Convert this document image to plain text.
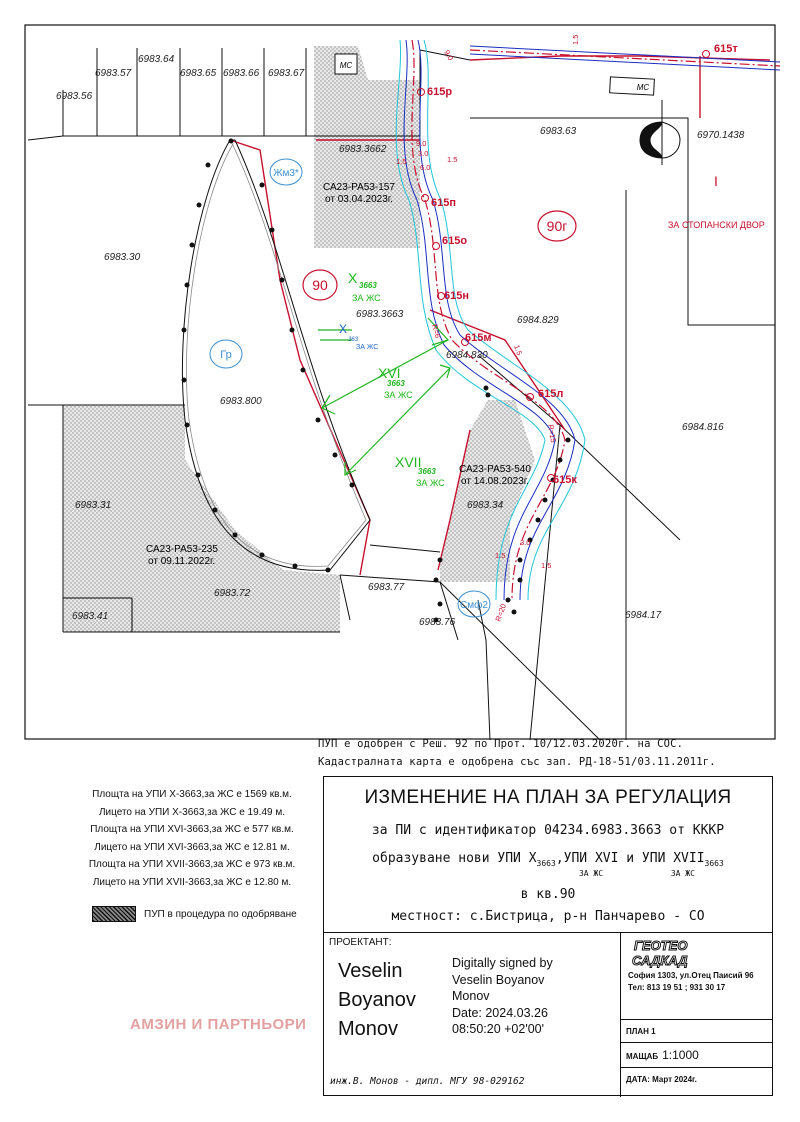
МС
МС
6983.64
6983.57	6983.65 6983.66 6983.67
6983.56
6983.63	6970.1438
6983.3662
6983.30
6983.3663
6984.829
6984.830
6983.800
6984.816
6983.31	6983.34
6983.72
6983.77
6983.41
6983.76
6984.17
615т
615р
615п
615о
615н
615м
615л
615к
9.0
9.0
1.5	1.5
6.0
3.0
1.5
1.5
R=15
R=6
1.5
3.0
1.5
R=20
90
90г
I
ЗА СТОПАНСКИ ДВОР
Жм3*
Гр
Смф2
X 3663
ЗА ЖС
X
363
ЗА ЖС
XVI
3663
ЗА ЖС
XVII
3663
ЗА ЖС
СА23-РА53-157
от 03.04.2023г.
СА23-РА53-540
от 14.08.2023г.
СА23-РА53-235
от 09.11.2022г.
ПУП е одобрен с Реш. 92 по Прот. 10/12.03.2020г. на СОС.
Кадастралната карта е одобрена със зап. РД-18-51/03.11.2011г.
Площта на УПИ X-3663,за ЖС е 1569 кв.м.
Лицето на УПИ X-3663,за ЖС е 19.49 м.
Площта на УПИ XVI-3663,за ЖС е 577 кв.м.
Лицето на УПИ XVI-3663,за ЖС е 12.81 м.
Площта на УПИ XVII-3663,за ЖС е 973 кв.м.
Лицето на УПИ XVII-3663,за ЖС е 12.80 м.
ПУП в процедура по одобряване
ИЗМЕНЕНИЕ НА ПЛАН ЗА РЕГУЛАЦИЯ
за ПИ с идентификатор 04234.6983.3663 от КККР
образуване нови УПИ $X_{3663},УПИ$ XVI
ЗА ЖС
и УПИ $XVII_{3663}$
ЗА ЖС
в кв.90
местност: с.Бистрица, р-н Панчарево - СО
ПРОЕКТАНТ:
Veselin
Boyanov
Monov
Digitally signed by
Veselin Boyanov
Monov
Date: 2024.03.26
08:50:20 +02'00'
инж.В. Монов - дипл. МГУ 98-029162
ГЕОТЕО
САДКАД
София 1303, ул.Отец Паисий 96
Тел: 813 19 51 ; 931 30 17
ПЛАН 1
МАЩАБ 1:1000
ДАТА: Март 2024г.
АМЗИН И ПАРТНЬОРИ
